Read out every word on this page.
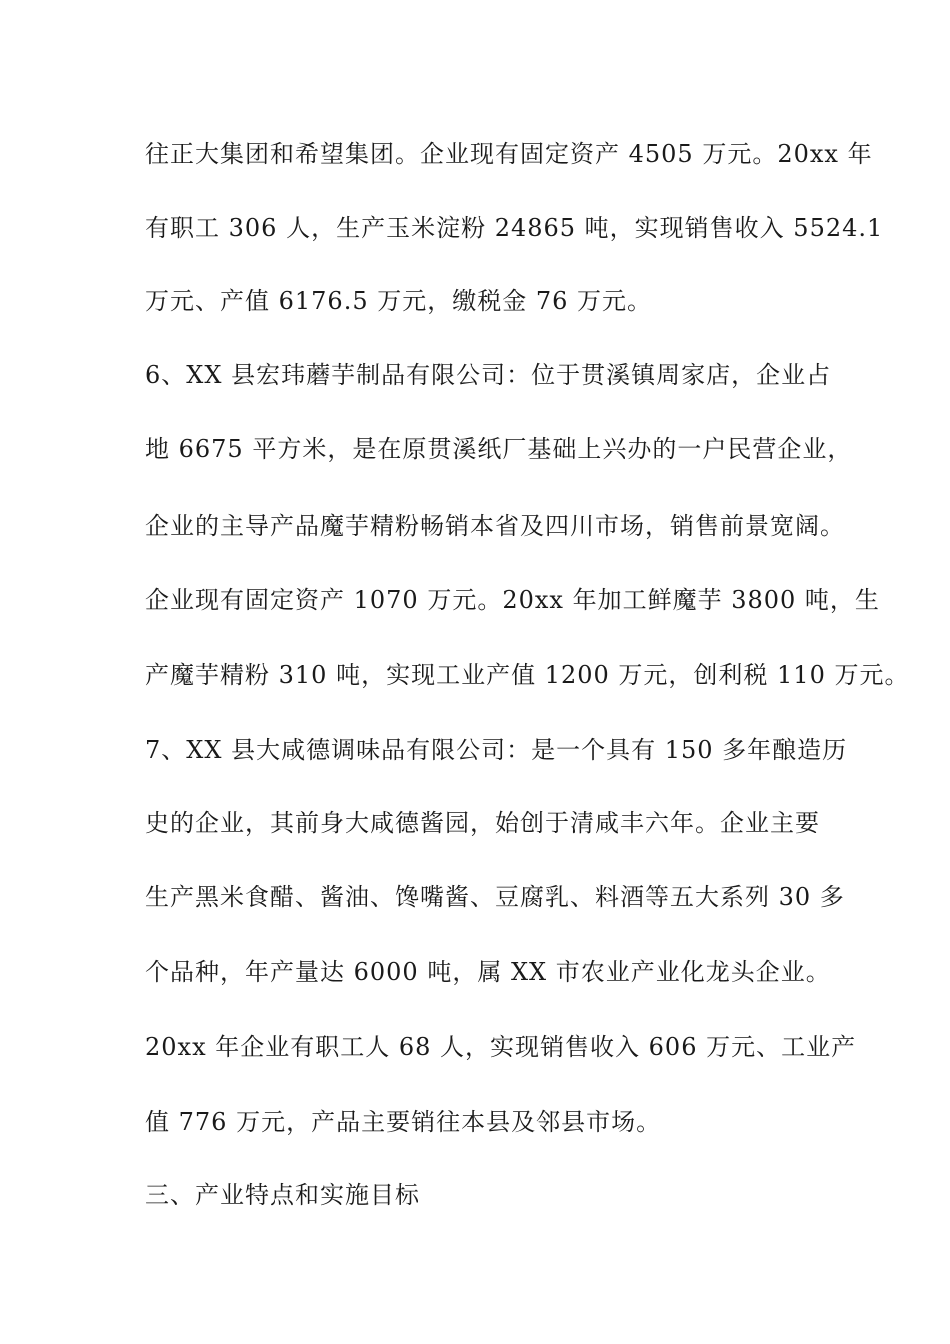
往正大集团和希望集团。企业现有固定资产 4505 万元。20xx 年
有职工 306 人，生产玉米淀粉 24865 吨，实现销售收入 5524.1
万元、产值 6176.5 万元，缴税金 76 万元。
6、XX 县宏玮蘑芋制品有限公司：位于贯溪镇周家店，企业占
地 6675 平方米，是在原贯溪纸厂基础上兴办的一户民营企业，
企业的主导产品魔芋精粉畅销本省及四川市场，销售前景宽阔。
企业现有固定资产 1070 万元。20xx 年加工鲜魔芋 3800 吨，生
产魔芋精粉 310 吨，实现工业产值 1200 万元，创利税 110 万元。
7、XX 县大咸德调味品有限公司：是一个具有 150 多年酿造历
史的企业，其前身大咸德酱园，始创于清咸丰六年。企业主要
生产黑米食醋、酱油、馋嘴酱、豆腐乳、料酒等五大系列 30 多
个品种，年产量达 6000 吨，属 XX 市农业产业化龙头企业。
20xx 年企业有职工人 68 人，实现销售收入 606 万元、工业产
值 776 万元，产品主要销往本县及邻县市场。
三、产业特点和实施目标
